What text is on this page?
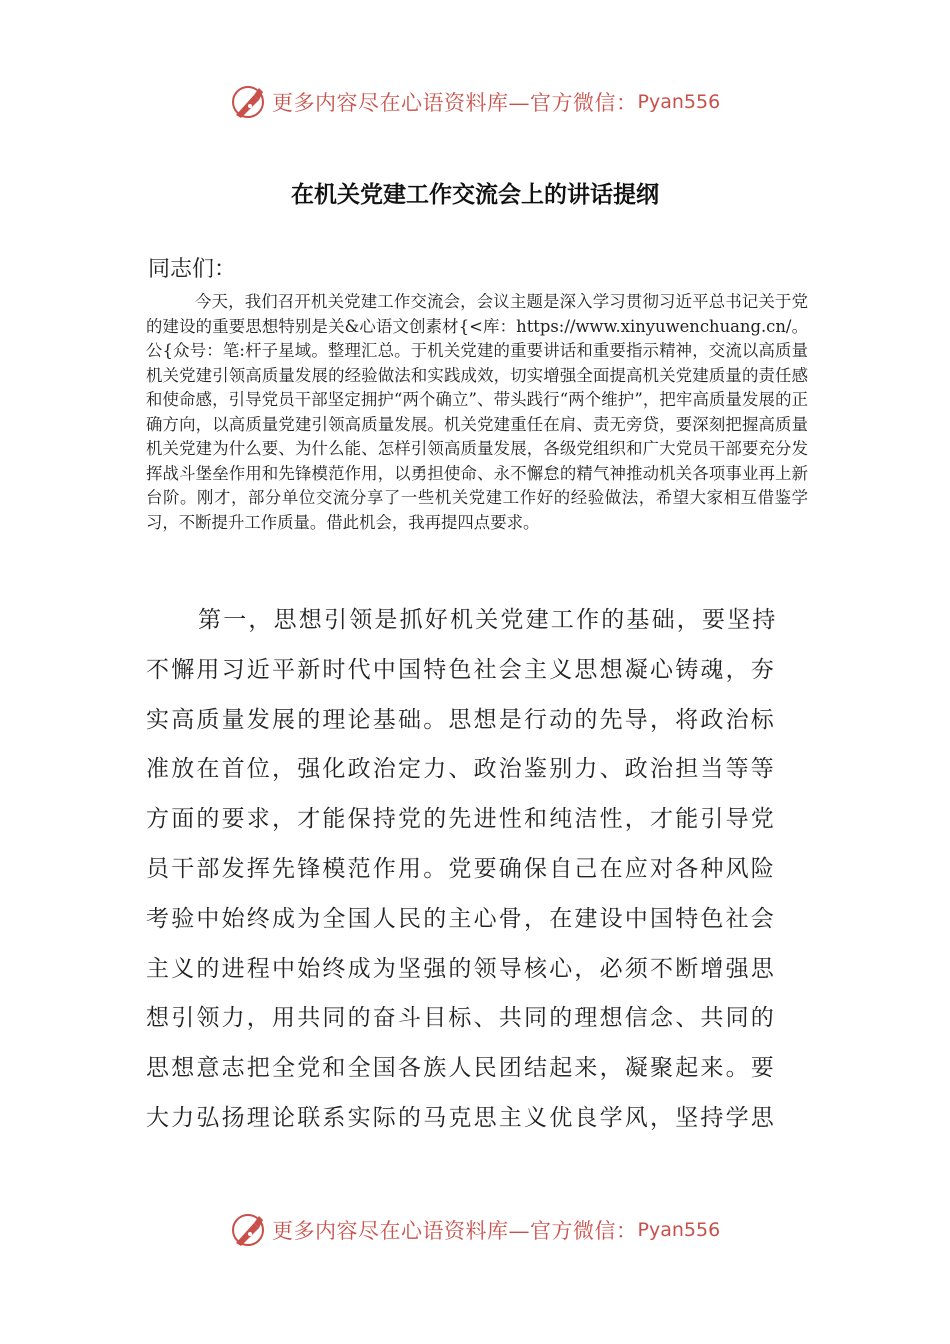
更多内容尽在心语资料库—官方微信： Pyan556
在机关党建工作交流会上的讲话提纲
同志们：

今天，我们召开机关党建工作交流会，会议主题是深入学习贯彻习近平总书记关于党的建设的重要思想特别是关&心语文创素材{<库：https://www.xinyuwenchuang.cn/。公{众号：笔:杆子星域。整理汇总。于机关党建的重要讲话和重要指示精神，交流以高质量机关党建引领高质量发展的经验做法和实践成效，切实增强全面提高机关党建质量的责任感和使命感，引导党员干部坚定拥护“两个确立”、带头践行“两个维护”，把牢高质量发展的正确方向，以高质量党建引领高质量发展。机关党建重任在肩、责无旁贷，要深刻把握高质量机关党建为什么要、为什么能、怎样引领高质量发展，各级党组织和广大党员干部要充分发挥战斗堡垒作用和先锋模范作用，以勇担使命、永不懈怠的精气神推动机关各项事业再上新台阶。刚才，部分单位交流分享了一些机关党建工作好的经验做法，希望大家相互借鉴学习，不断提升工作质量。借此机会，我再提四点要求。

第一，思想引领是抓好机关党建工作的基础，要坚持不懈用习近平新时代中国特色社会主义思想凝心铸魂，夯实高质量发展的理论基础。思想是行动的先导，将政治标准放在首位，强化政治定力、政治鉴别力、政治担当等等方面的要求，才能保持党的先进性和纯洁性，才能引导党员干部发挥先锋模范作用。党要确保自己在应对各种风险考验中始终成为全国人民的主心骨，在建设中国特色社会主义的进程中始终成为坚强的领导核心，必须不断增强思想引领力，用共同的奋斗目标、共同的理想信念、共同的思想意志把全党和全国各族人民团结起来，凝聚起来。要大力弘扬理论联系实际的马克思主义优良学风，坚持学思

更多内容尽在心语资料库—官方微信： Pyan556
